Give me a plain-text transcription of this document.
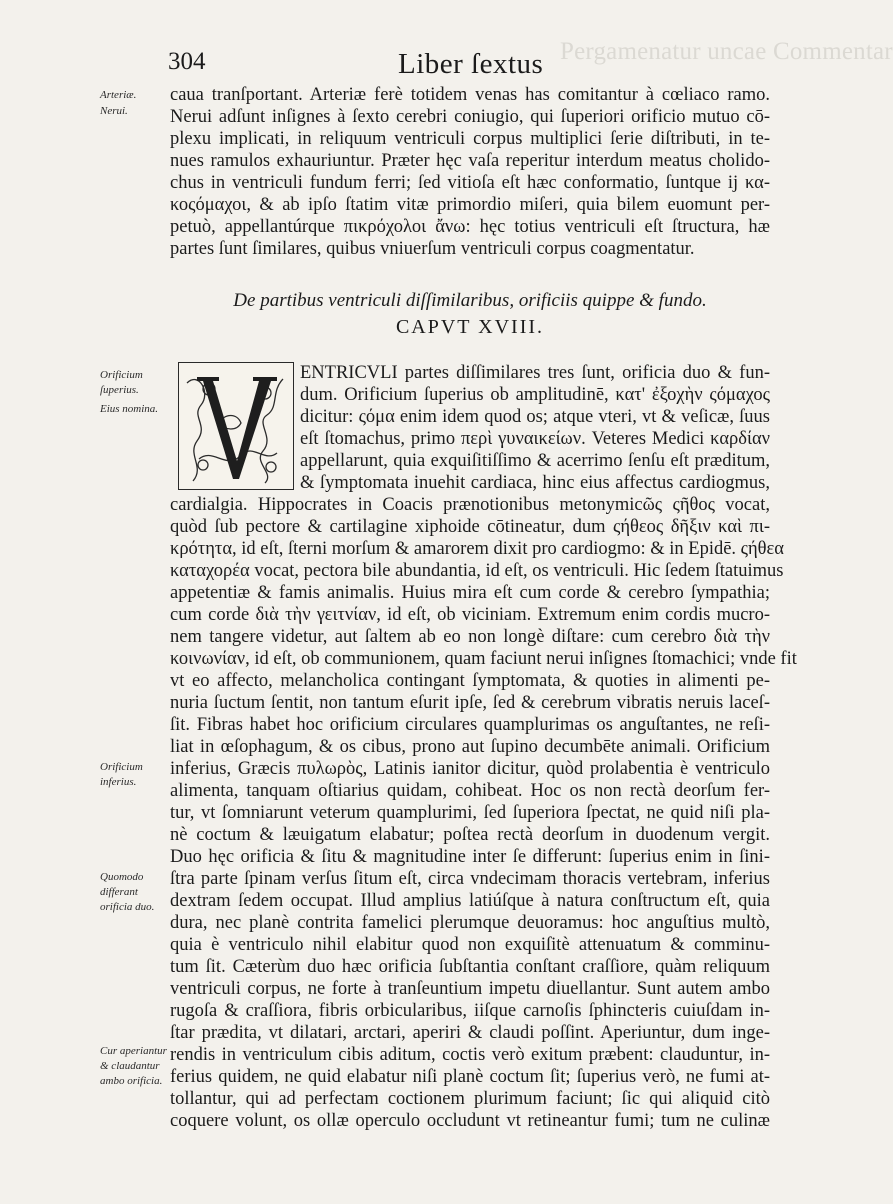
Pergamenatur uncae Commentar
304	Liber ſextus
Arteriæ.
Nerui.
Orificium ſuperius.
Eius nomina.
Orificium inferius.
Quomodo differant orificia duo.
Cur aperiantur & claudantur ambo orificia.
caua tranſportant. Arteriæ ferè totidem venas has comitantur à cœliaco ramo.
Nerui adſunt inſignes à ſexto cerebri coniugio, qui ſuperiori orificio mutuo cō-
plexu implicati, in reliquum ventriculi corpus multiplici ſerie diſtributi, in te-
nues ramulos exhauriuntur. Præter hęc vaſa reperitur interdum meatus cholido-
chus in ventriculi fundum ferri; ſed vitioſa eſt hæc conformatio, ſuntque ij κα-
κοςόμαχοι, & ab ipſo ſtatim vitæ primordio miſeri, quia bilem euomunt per-
petuò, appellantúrque πικρόχολοι ἄνω: hęc totius ventriculi eſt ſtructura, hæ
partes ſunt ſimilares, quibus vniuerſum ventriculi corpus coagmentatur.
De partibus ventriculi diſſimilaribus, orificiis quippe & fundo.
CAPVT XVIII.
ENTRICVLI partes diſſimilares tres ſunt, orificia duo & fun-
dum. Orificium ſuperius ob amplitudinē, κατ' ἐξοχὴν ςόμαχος
dicitur: ςόμα enim idem quod os; atque vteri, vt & veſicæ, ſuus
eſt ſtomachus, primo περὶ γυναικείων. Veteres Medici καρδίαν
appellarunt, quia exquiſitiſſimo & acerrimo ſenſu eſt præditum,
& ſymptomata inuehit cardiaca, hinc eius affectus cardiogmus,
cardialgia. Hippocrates in Coacis prænotionibus metonymicῶς ςῆθος vocat,
quòd ſub pectore & cartilagine xiphoide cōtineatur, dum ςήθεος δῆξιν καὶ πι-
κρότητα, id eſt, ſterni morſum & amarorem dixit pro cardiogmo: & in Epidē. ςήθεα
καταχορέα vocat, pectora bile abundantia, id eſt, os ventriculi. Hic ſedem ſtatuimus
appetentiæ & famis animalis. Huius mira eſt cum corde & cerebro ſympathia;
cum corde διὰ τὴν γειτνίαν, id eſt, ob viciniam. Extremum enim cordis mucro-
nem tangere videtur, aut ſaltem ab eo non longè diſtare: cum cerebro διὰ τὴν
κοινωνίαν, id eſt, ob communionem, quam faciunt nerui inſignes ſtomachici; vnde fit
vt eo affecto, melancholica contingant ſymptomata, & quoties in alimenti pe-
nuria ſuctum ſentit, non tantum eſurit ipſe, ſed & cerebrum vibratis neruis laceſ-
ſit. Fibras habet hoc orificium circulares quamplurimas os anguſtantes, ne reſi-
liat in œſophagum, & os cibus, prono aut ſupino decumbēte animali. Orificium
inferius, Græcis πυλωρὸς, Latinis ianitor dicitur, quòd prolabentia è ventriculo
alimenta, tanquam oſtiarius quidam, cohibeat. Hoc os non rectà deorſum fer-
tur, vt ſomniarunt veterum quamplurimi, ſed ſuperiora ſpectat, ne quid niſi pla-
nè coctum & læuigatum elabatur; poſtea rectà deorſum in duodenum vergit.
Duo hęc orificia & ſitu & magnitudine inter ſe differunt: ſuperius enim in ſini-
ſtra parte ſpinam verſus ſitum eſt, circa vndecimam thoracis vertebram, inferius
dextram ſedem occupat. Illud amplius latiúſque à natura conſtructum eſt, quia
dura, nec planè contrita famelici plerumque deuoramus: hoc anguſtius multò,
quia è ventriculo nihil elabitur quod non exquiſitè attenuatum & comminu-
tum ſit. Cæterùm duo hæc orificia ſubſtantia conſtant craſſiore, quàm reliquum
ventriculi corpus, ne forte à tranſeuntium impetu diuellantur. Sunt autem ambo
rugoſa & craſſiora, fibris orbicularibus, iiſque carnoſis ſphincteris cuiuſdam in-
ſtar prædita, vt dilatari, arctari, aperiri & claudi poſſint. Aperiuntur, dum inge-
rendis in ventriculum cibis aditum, coctis verò exitum præbent: clauduntur, in-
ferius quidem, ne quid elabatur niſi planè coctum ſit; ſuperius verò, ne fumi at-
tollantur, qui ad perfectam coctionem plurimum faciunt; ſic qui aliquid citò
coquere volunt, os ollæ operculo occludunt vt retineantur fumi; tum ne culinæ
